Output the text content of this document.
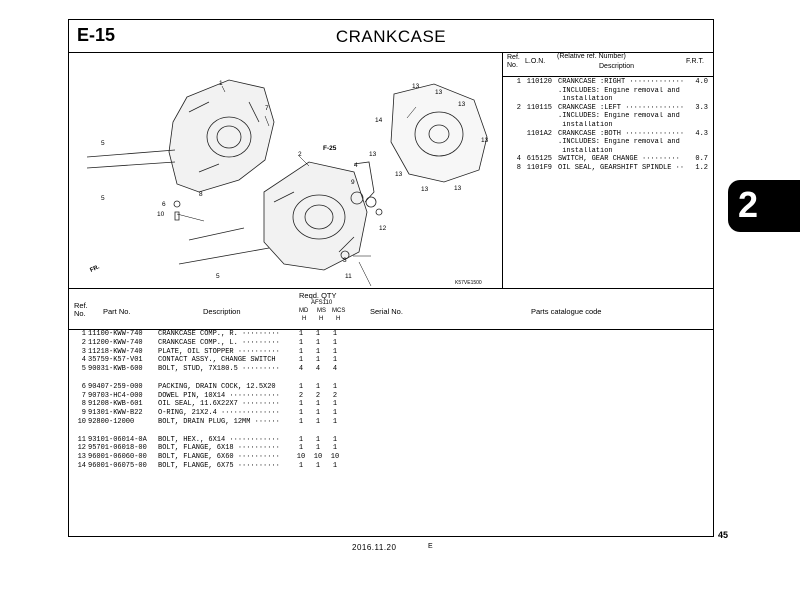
E-15	CRANKCASE
1
2
3
4
5
5
5
6
7
8
9
10
11
12
13
13
13
13
13
13
13	13
14
F-25
FR.
K57VE1500
Ref.
No.
L.O.N.
(Relative ref. Number)
Description
F.R.T.
1 110120 CRANKCASE :RIGHT ·············	4.0
.INCLUDES: Engine removal and
installation
2 110115 CRANKCASE :LEFT ··············	3.3
.INCLUDES: Engine removal and
installation
1101A2 CRANKCASE :BOTH ··············	4.3
.INCLUDES: Engine removal and
installation
4 615125 SWITCH, GEAR CHANGE ·········	0.7
8 1101F9 OIL SEAL, GEARSHIFT SPINDLE ··	1.2
Ref.
No. Part No.	Description
Reqd. QTY
AFS110
MD MS MCS
H H H
Serial No.	Parts catalogue code
1 11100-KWW-740	CRANKCASE COMP., R. ·········	1	1	1
2 11200-KWW-740	CRANKCASE COMP., L. ·········	1	1	1
3 11218-KWW-740	PLATE, OIL STOPPER ··········	1	1	1
4 35759-K57-V01	CONTACT ASSY., CHANGE SWITCH	1	1	1
5 90031-KWB-600	BOLT, STUD, 7X180.5 ·········	4	4	4
6 90407-259-000	PACKING, DRAIN COCK, 12.5X20	1	1	1
7 90703-HC4-000	DOWEL PIN, 10X14 ············	2	2	2
8 91208-KWB-601	OIL SEAL, 11.6X22X7 ·········	1	1	1
9 91301-KWW-B22	O-RING, 21X2.4 ··············	1	1	1
10 92800-12000	BOLT, DRAIN PLUG, 12MM ······	1	1	1
11 93101-06014-0A	BOLT, HEX., 6X14 ············	1	1	1
12 95701-06018-00	BOLT, FLANGE, 6X18 ··········	1	1	1
13 96001-06060-00	BOLT, FLANGE, 6X60 ··········	10 10 10
14 96001-06075-00	BOLT, FLANGE, 6X75 ··········	1	1	1
2
45
2016.11.20	E
